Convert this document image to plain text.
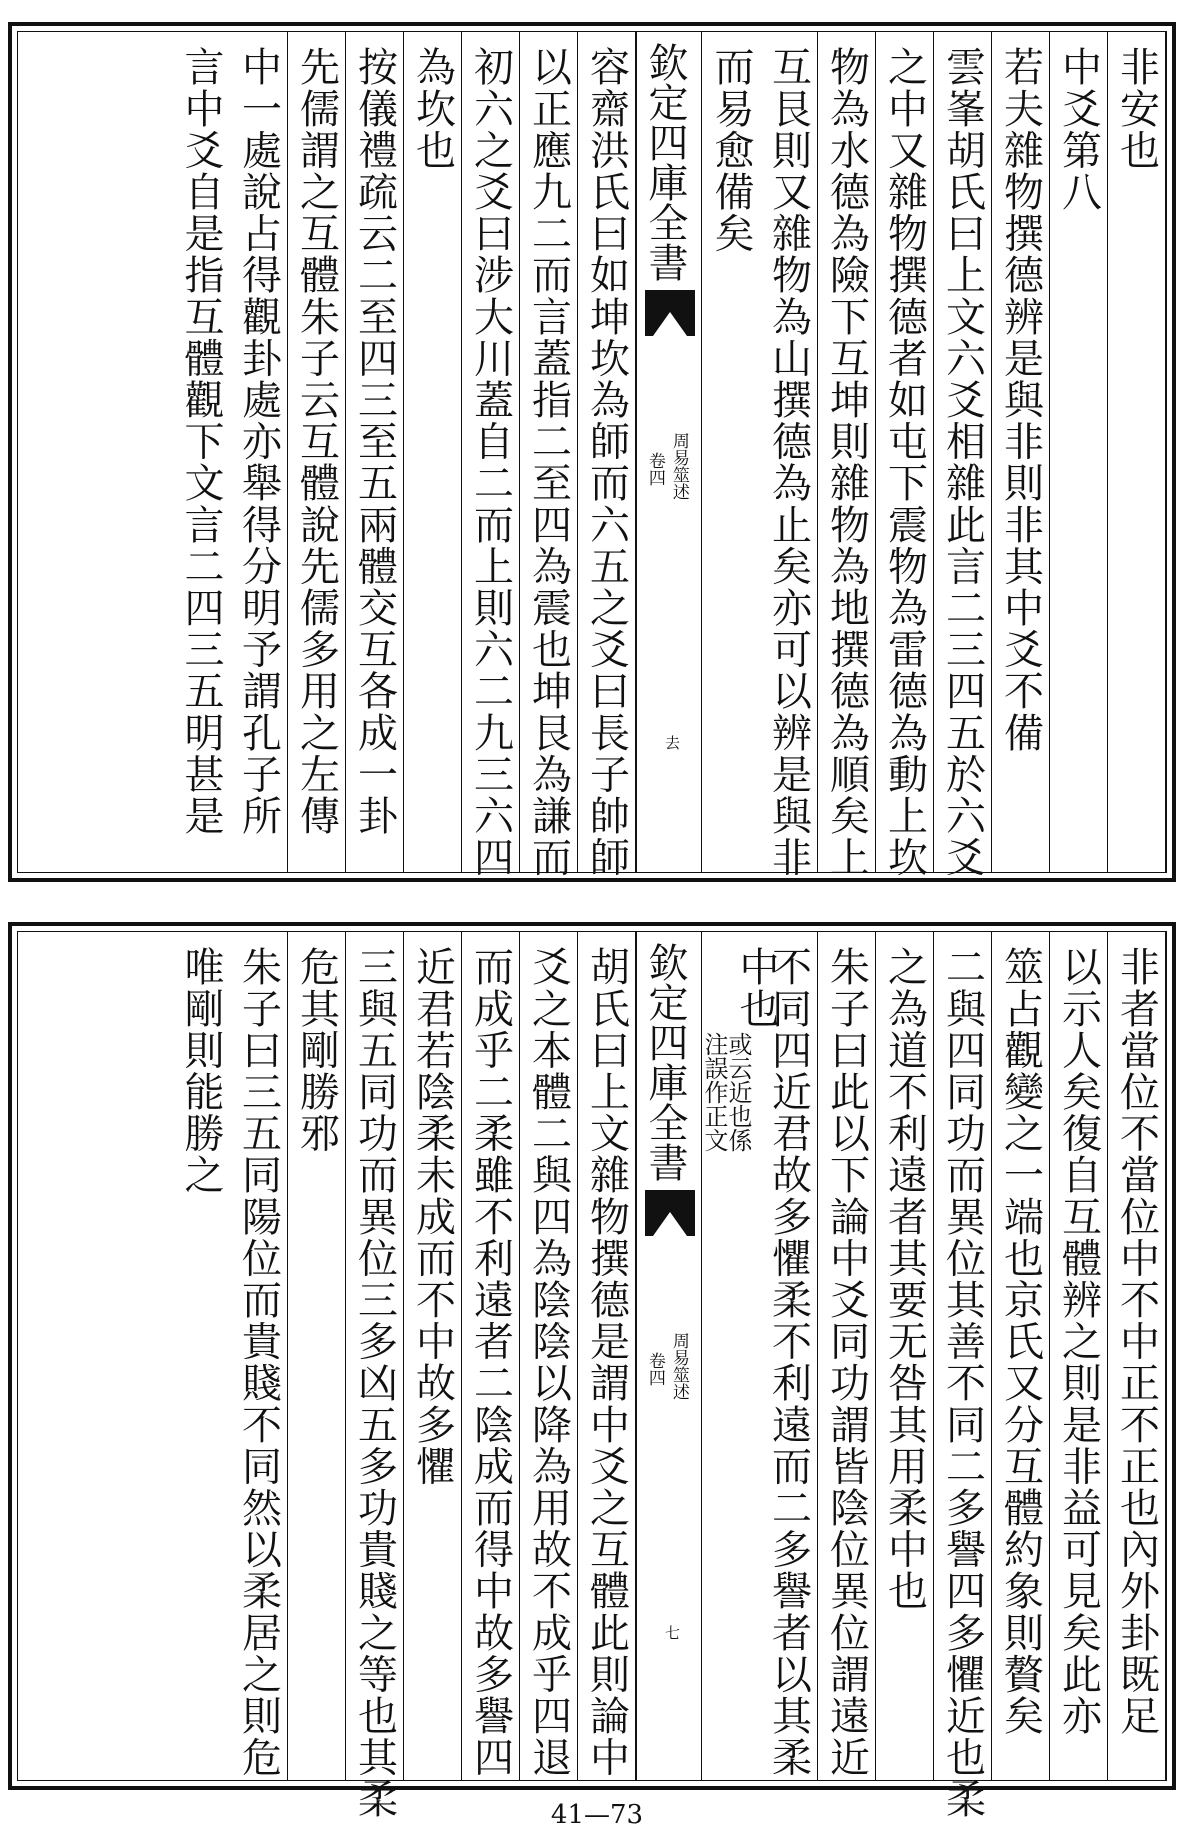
非安也
中爻第八
若夫雜物撰德辨是與非則非其中爻不備
雲峯胡氏曰上文六爻相雜此言二三四五於六爻
之中又雜物撰德者如屯下震物為雷德為動上坎
物為水德為險下互坤則雜物為地撰德為順矣上
互艮則又雜物為山撰德為止矣亦可以辨是與非
而易愈備矣
欽定四庫全書
周易筮述
卷四
去
容齋洪氏曰如坤坎為師而六五之爻曰長子帥師
以正應九二而言蓋指二至四為震也坤艮為謙而
初六之爻曰涉大川蓋自二而上則六二九三六四
為坎也
按儀禮疏云二至四三至五兩體交互各成一卦
先儒謂之互體朱子云互體說先儒多用之左傳
中一處說占得觀卦處亦舉得分明予謂孔子所
言中爻自是指互體觀下文言二四三五明甚是
非者當位不當位中不中正不正也內外卦既足
以示人矣復自互體辨之則是非益可見矣此亦
筮占觀變之一端也京氏又分互體約象則贅矣
二與四同功而異位其善不同二多譽四多懼近也柔
之為道不利遠者其要无咎其用柔中也
朱子曰此以下論中爻同功謂皆陰位異位謂遠近
不同四近君故多懼柔不利遠而二多譽者以其柔
中也
或云近也係
注誤作正文
欽定四庫全書
周易筮述
卷四
七
胡氏曰上文雜物撰德是謂中爻之互體此則論中
爻之本體二與四為陰陰以降為用故不成乎四退
而成乎二柔雖不利遠者二陰成而得中故多譽四
近君若陰柔未成而不中故多懼
三與五同功而異位三多凶五多功貴賤之等也其柔
危其剛勝邪
朱子曰三五同陽位而貴賤不同然以柔居之則危
唯剛則能勝之
41—73
